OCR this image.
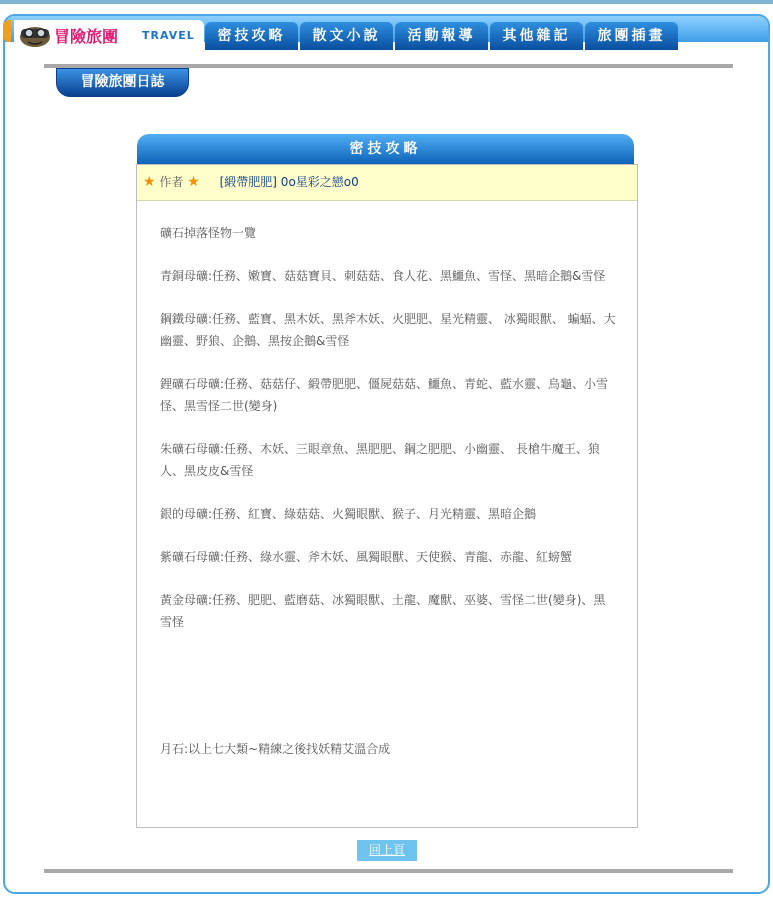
冒險旅團 TRAVEL	密技攻略	散文小說	活動報導	其他雜記	旅團插畫
冒險旅團日誌
密技攻略
★ 作者 ★ [緞帶肥肥] 0o星彩之戀o0

礦石掉落怪物一覽

青銅母礦:任務、嫩寶、菇菇寶貝、刺菇菇、食人花、黑鱷魚、雪怪、黑暗企鵝&雪怪

鋼鐵母礦:任務、藍寶、黑木妖、黑斧木妖、火肥肥、星光精靈、 冰獨眼獸、 蝙蝠、大幽靈、野狼、企鵝、黑按企鵝&雪怪

鋰礦石母礦:任務、菇菇仔、緞帶肥肥、僵屍菇菇、鱷魚、青蛇、藍水靈、烏龜、小雪怪、黑雪怪二世(變身)

朱礦石母礦:任務、木妖、三眼章魚、黑肥肥、鋼之肥肥、小幽靈、 長槍牛魔王、狼人、黑皮皮&雪怪

銀的母礦:任務、紅寶、綠菇菇、火獨眼獸、猴子、月光精靈、黑暗企鵝

紫礦石母礦:任務、綠水靈、斧木妖、風獨眼獸、天使猴、青龍、赤龍、紅螃蟹

黃金母礦:任務、肥肥、藍磨菇、冰獨眼獸、土龍、魔獸、巫婆、雪怪二世(變身)、黑雪怪

月石:以上七大類~精練之後找妖精艾溫合成

回上頁
